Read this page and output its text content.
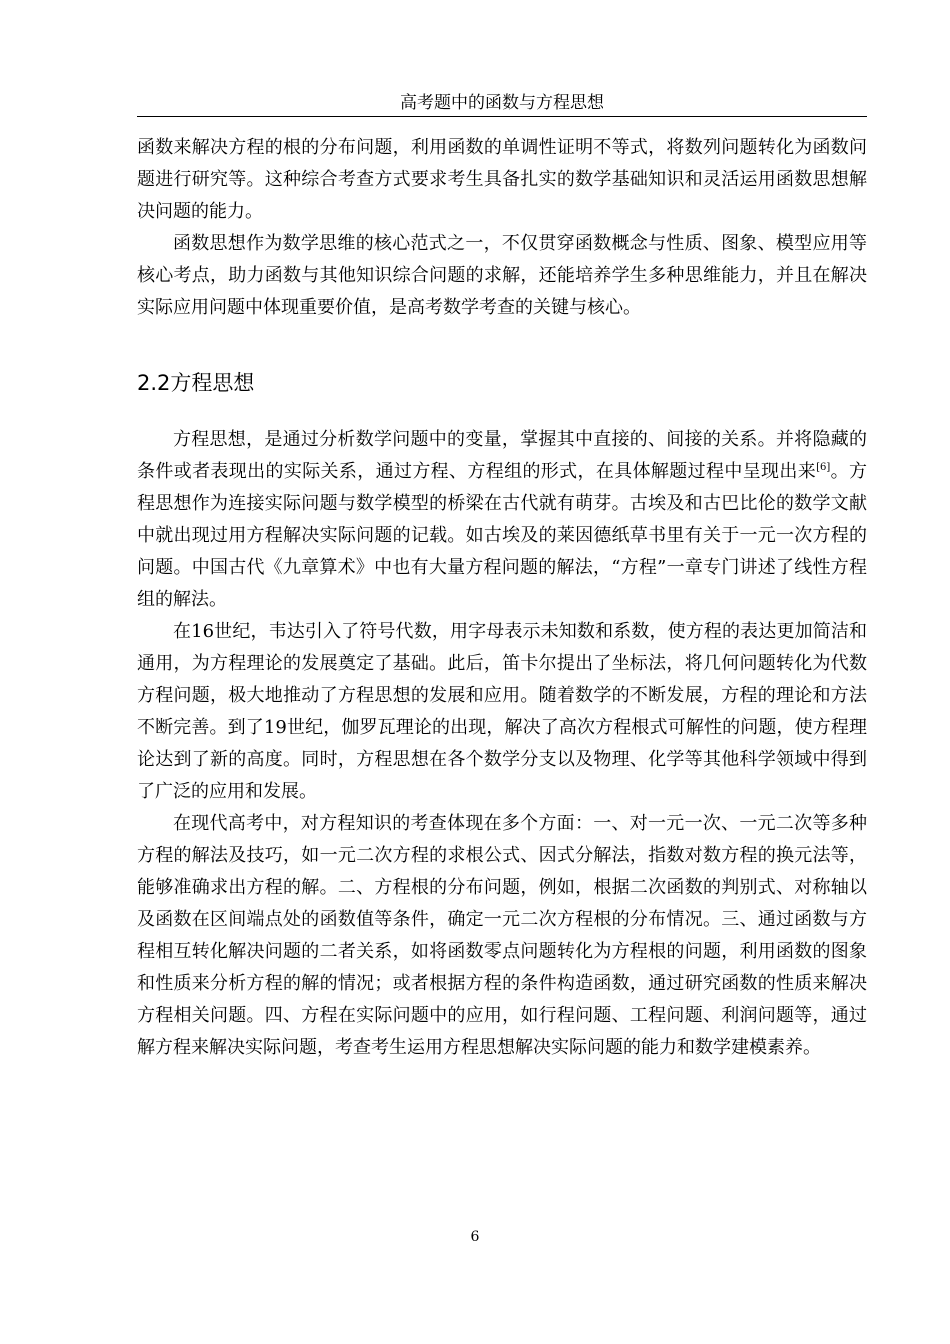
高考题中的函数与方程思想

函数来解决方程的根的分布问题，利用函数的单调性证明不等式，将数列问题转化为函数问题进行研究等。这种综合考查方式要求考生具备扎实的数学基础知识和灵活运用函数思想解决问题的能力。

函数思想作为数学思维的核心范式之一，不仅贯穿函数概念与性质、图象、模型应用等核心考点，助力函数与其他知识综合问题的求解，还能培养学生多种思维能力，并且在解决实际应用问题中体现重要价值，是高考数学考查的关键与核心。

2.2方程思想

方程思想，是通过分析数学问题中的变量，掌握其中直接的、间接的关系。并将隐藏的条件或者表现出的实际关系，通过方程、方程组的形式，在具体解题过程中呈现出来[6]。方程思想作为连接实际问题与数学模型的桥梁在古代就有萌芽。古埃及和古巴比伦的数学文献中就出现过用方程解决实际问题的记载。如古埃及的莱因德纸草书里有关于一元一次方程的问题。中国古代《九章算术》中也有大量方程问题的解法，“方程”一章专门讲述了线性方程组的解法。

在16世纪，韦达引入了符号代数，用字母表示未知数和系数，使方程的表达更加简洁和通用，为方程理论的发展奠定了基础。此后，笛卡尔提出了坐标法，将几何问题转化为代数方程问题，极大地推动了方程思想的发展和应用。随着数学的不断发展，方程的理论和方法不断完善。到了19世纪，伽罗瓦理论的出现，解决了高次方程根式可解性的问题，使方程理论达到了新的高度。同时，方程思想在各个数学分支以及物理、化学等其他科学领域中得到了广泛的应用和发展。

在现代高考中，对方程知识的考查体现在多个方面：一、对一元一次、一元二次等多种方程的解法及技巧，如一元二次方程的求根公式、因式分解法，指数对数方程的换元法等，能够准确求出方程的解。二、方程根的分布问题，例如，根据二次函数的判别式、对称轴以及函数在区间端点处的函数值等条件，确定一元二次方程根的分布情况。三、通过函数与方程相互转化解决问题的二者关系，如将函数零点问题转化为方程根的问题，利用函数的图象和性质来分析方程的解的情况；或者根据方程的条件构造函数，通过研究函数的性质来解决方程相关问题。四、方程在实际问题中的应用，如行程问题、工程问题、利润问题等，通过解方程来解决实际问题，考查考生运用方程思想解决实际问题的能力和数学建模素养。

6
